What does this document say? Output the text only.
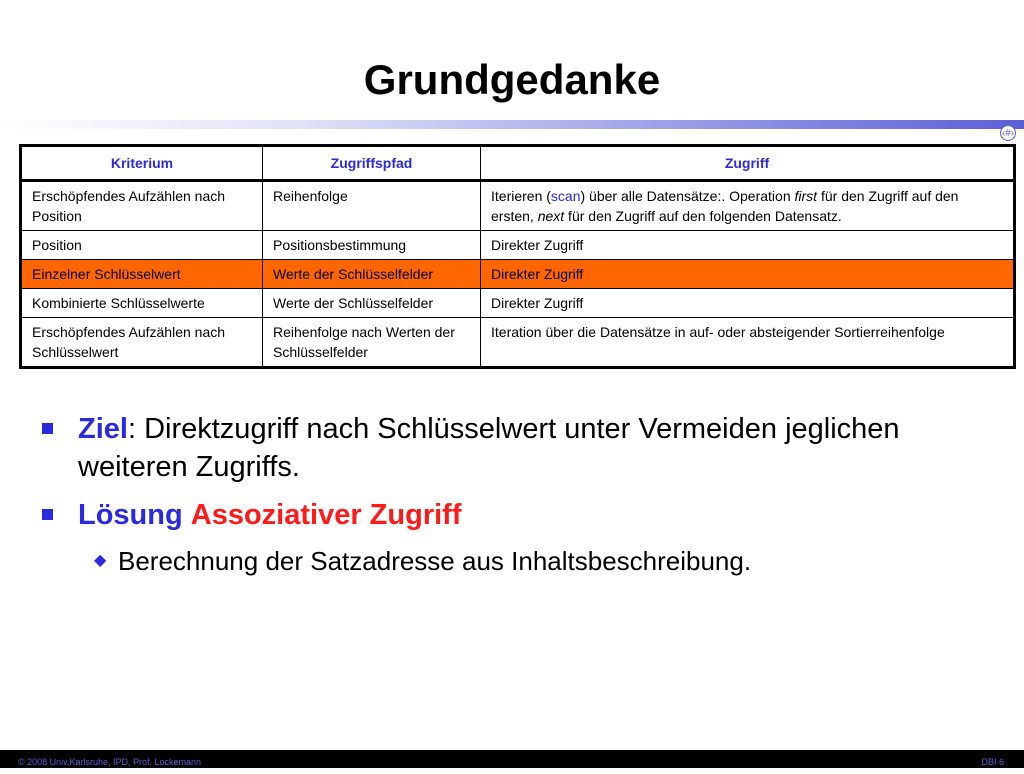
Grundgedanke
‹#›
Kriterium	Zugriffspfad	Zugriff
Erschöpfendes Aufzählen nach Position	Reihenfolge	Iterieren (scan) über alle Datensätze:. Operation first für den Zugriff auf den ersten, next für den Zugriff auf den folgenden Datensatz.
Position	Positionsbestimmung	Direkter Zugriff
Einzelner Schlüsselwert	Werte der Schlüsselfelder	Direkter Zugriff
Kombinierte Schlüsselwerte	Werte der Schlüsselfelder	Direkter Zugriff
Erschöpfendes Aufzählen nach Schlüsselwert	Reihenfolge nach Werten der Schlüsselfelder	Iteration über die Datensätze in auf- oder absteigender Sortierreihenfolge
Ziel: Direktzugriff nach Schlüsselwert unter Vermeiden jeglichen weiteren Zugriffs.
Lösung Assoziativer Zugriff
◆ Berechnung der Satzadresse aus Inhaltsbeschreibung.
© 2008 Univ,Karlsruhe, IPD, Prof. Lockemann	DBI 6
